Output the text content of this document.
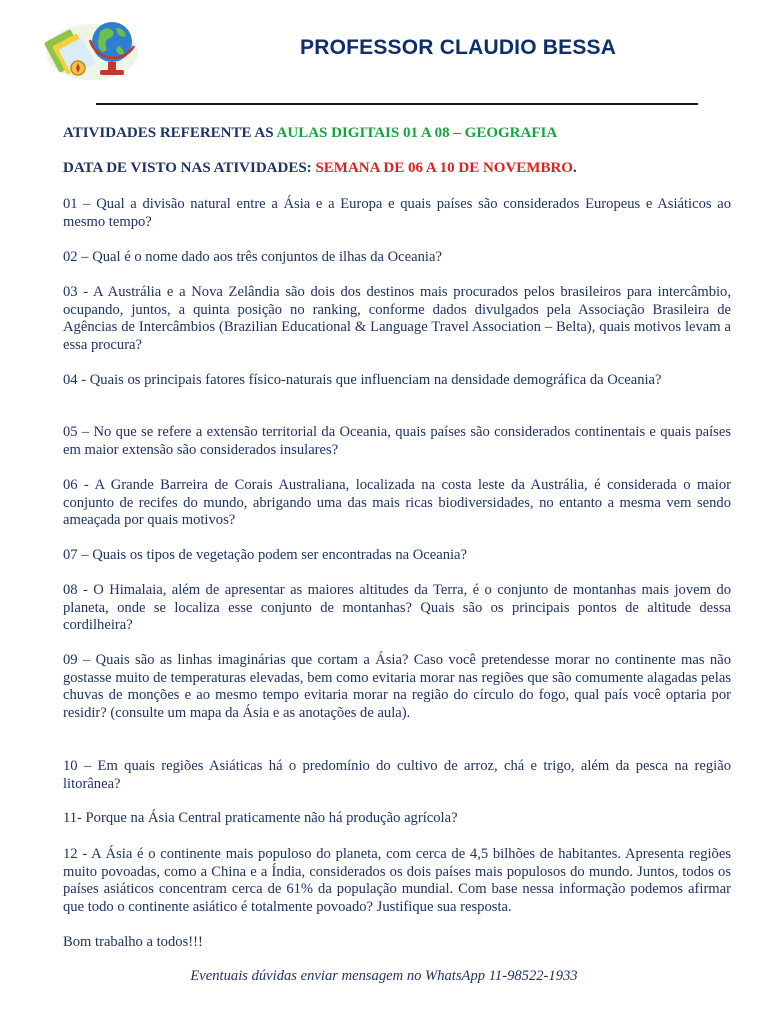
PROFESSOR CLAUDIO BESSA
ATIVIDADES REFERENTE AS AULAS DIGITAIS 01 A 08 – GEOGRAFIA
DATA DE VISTO NAS ATIVIDADES: SEMANA DE 06 A 10 DE NOVEMBRO.

01 – Qual a divisão natural entre a Ásia e a Europa e quais países são considerados Europeus e Asiáticos ao mesmo tempo?

02 – Qual é o nome dado aos três conjuntos de ilhas da Oceania?

03 - A Austrália e a Nova Zelândia são dois dos destinos mais procurados pelos brasileiros para intercâmbio, ocupando, juntos, a quinta posição no ranking, conforme dados divulgados pela Associação Brasileira de Agências de Intercâmbios (Brazilian Educational & Language Travel Association – Belta), quais motivos levam a essa procura?

04 - Quais os principais fatores físico-naturais que influenciam na densidade demográfica da Oceania?

05 – No que se refere a extensão territorial da Oceania, quais países são considerados continentais e quais países em maior extensão são considerados insulares?

06 - A Grande Barreira de Corais Australiana, localizada na costa leste da Austrália, é considerada o maior conjunto de recifes do mundo, abrigando uma das mais ricas biodiversidades, no entanto a mesma vem sendo ameaçada por quais motivos?

07 – Quais os tipos de vegetação podem ser encontradas na Oceania?

08 - O Himalaia, além de apresentar as maiores altitudes da Terra, é o conjunto de montanhas mais jovem do planeta, onde se localiza esse conjunto de montanhas? Quais são os principais pontos de altitude dessa cordilheira?

09 – Quais são as linhas imaginárias que cortam a Ásia? Caso você pretendesse morar no continente mas não gostasse muito de temperaturas elevadas, bem como evitaria morar nas regiões que são comumente alagadas pelas chuvas de monções e ao mesmo tempo evitaria morar na região do círculo do fogo, qual país você optaria por residir? (consulte um mapa da Ásia e as anotações de aula).

10 – Em quais regiões Asiáticas há o predomínio do cultivo de arroz, chá e trigo, além da pesca na região litorânea?

11- Porque na Ásia Central praticamente não há produção agrícola?

12 - A Ásia é o continente mais populoso do planeta, com cerca de 4,5 bilhões de habitantes. Apresenta regiões muito povoadas, como a China e a Índia, considerados os dois países mais populosos do mundo. Juntos, todos os países asiáticos concentram cerca de 61% da população mundial. Com base nessa informação podemos afirmar que todo o continente asiático é totalmente povoado? Justifique sua resposta.

Bom trabalho a todos!!!

Eventuais dúvidas enviar mensagem no WhatsApp 11-98522-1933
